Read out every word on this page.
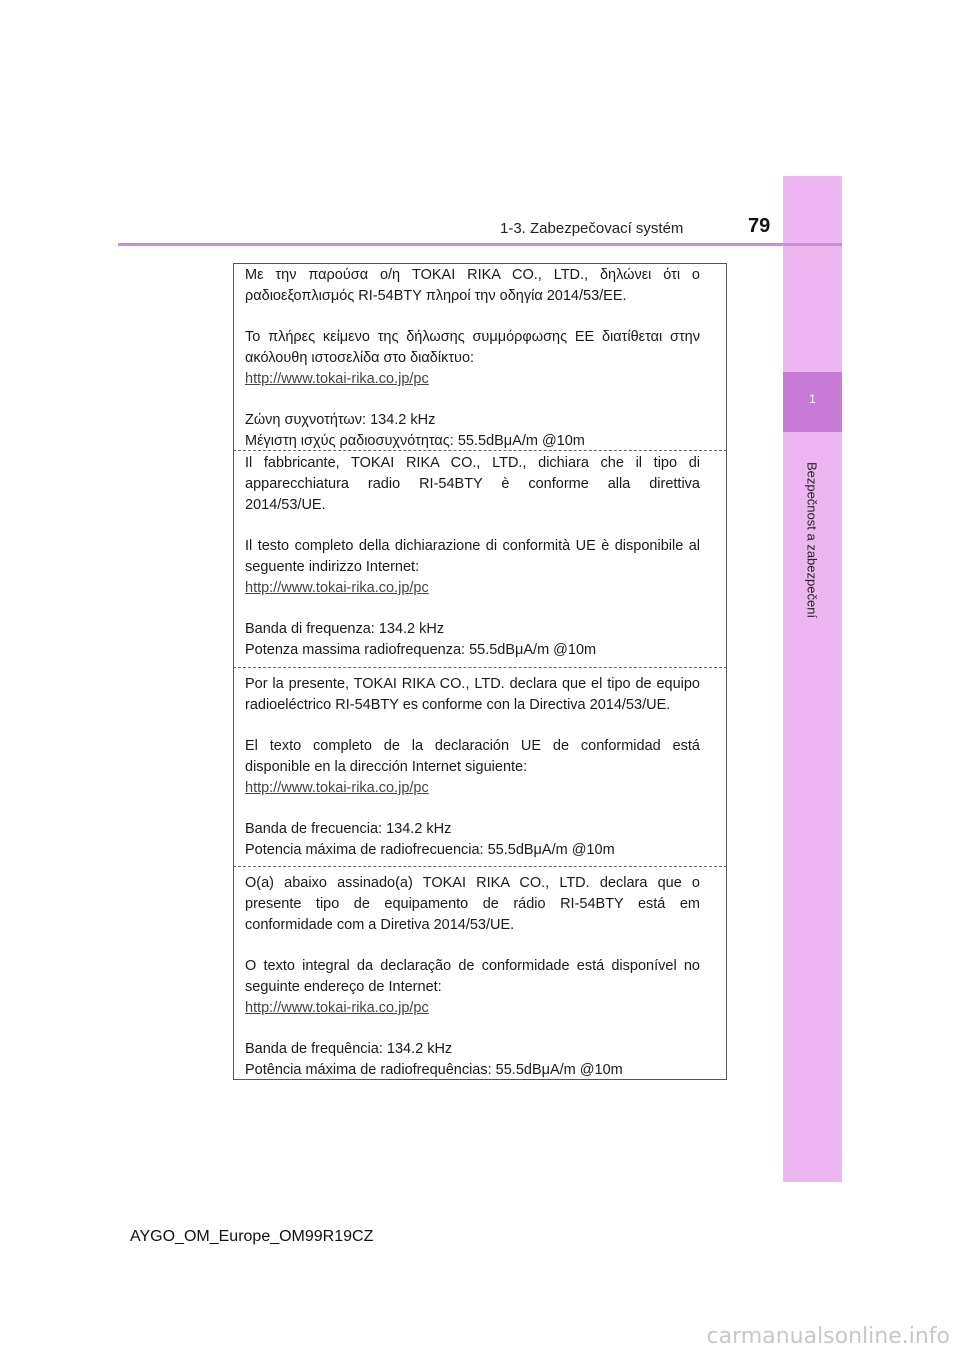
1
Bezpečnost a zabezpečení
1-3. Zabezpečovací systém	79
Με την παρούσα ο/η TOKAI RIKA CO., LTD., δηλώνει ότι ο
ραδιοεξοπλισμός RI-54BTY πληροί την οδηγία 2014/53/ΕΕ.
Το πλήρες κείμενο της δήλωσης συμμόρφωσης ΕΕ διατίθεται στην
ακόλουθη ιστοσελίδα στο διαδίκτυο:
http://www.tokai-rika.co.jp/pc
Ζώνη συχνοτήτων: 134.2 kHz
Μέγιστη ισχύς ραδιοσυχνότητας: 55.5dBμA/m @10m
Il fabbricante, TOKAI RIKA CO., LTD., dichiara che il tipo di
apparecchiatura radio RI-54BTY è conforme alla direttiva
2014/53/UE.
Il testo completo della dichiarazione di conformità UE è disponibile al
seguente indirizzo Internet:
http://www.tokai-rika.co.jp/pc
Banda di frequenza: 134.2 kHz
Potenza massima radiofrequenza: 55.5dBμA/m @10m
Por la presente, TOKAI RIKA CO., LTD. declara que el tipo de equipo
radioeléctrico RI-54BTY es conforme con la Directiva 2014/53/UE.
El texto completo de la declaración UE de conformidad está
disponible en la dirección Internet siguiente:
http://www.tokai-rika.co.jp/pc
Banda de frecuencia: 134.2 kHz
Potencia máxima de radiofrecuencia: 55.5dBμA/m @10m
O(a) abaixo assinado(a) TOKAI RIKA CO., LTD. declara que o
presente tipo de equipamento de rádio RI-54BTY está em
conformidade com a Diretiva 2014/53/UE.
O texto integral da declaração de conformidade está disponível no
seguinte endereço de Internet:
http://www.tokai-rika.co.jp/pc
Banda de frequência: 134.2 kHz
Potência máxima de radiofrequências: 55.5dBμA/m @10m
AYGO_OM_Europe_OM99R19CZ
carmanualsonline.info
